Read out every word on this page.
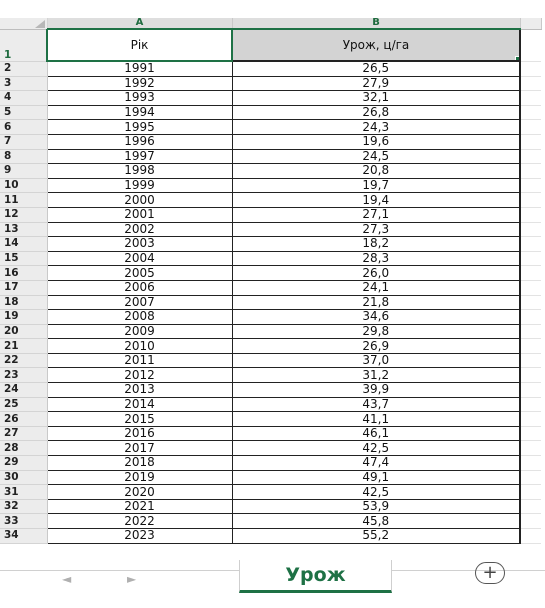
	A	B	
1	Рік	Урож, ц/га

2	1991	26,5	
3	1992	27,9	
4	1993	32,1	
5	1994	26,8	
6	1995	24,3	
7	1996	19,6	
8	1997	24,5	
9	1998	20,8	
10	1999	19,7	
11	2000	19,4	
12	2001	27,1	
13	2002	27,3	
14	2003	18,2	
15	2004	28,3	
16	2005	26,0	
17	2006	24,1	
18	2007	21,8	
19	2008	34,6	
20	2009	29,8	
21	2010	26,9	
22	2011	37,0	
23	2012	31,2	
24	2013	39,9	
25	2014	43,7	
26	2015	41,1	
27	2016	46,1	
28	2017	42,5	
29	2018	47,4	
30	2019	49,1	
31	2020	42,5	
32	2021	53,9	
33	2022	45,8	
34	2023	55,2	
◄	►	Урож	+
